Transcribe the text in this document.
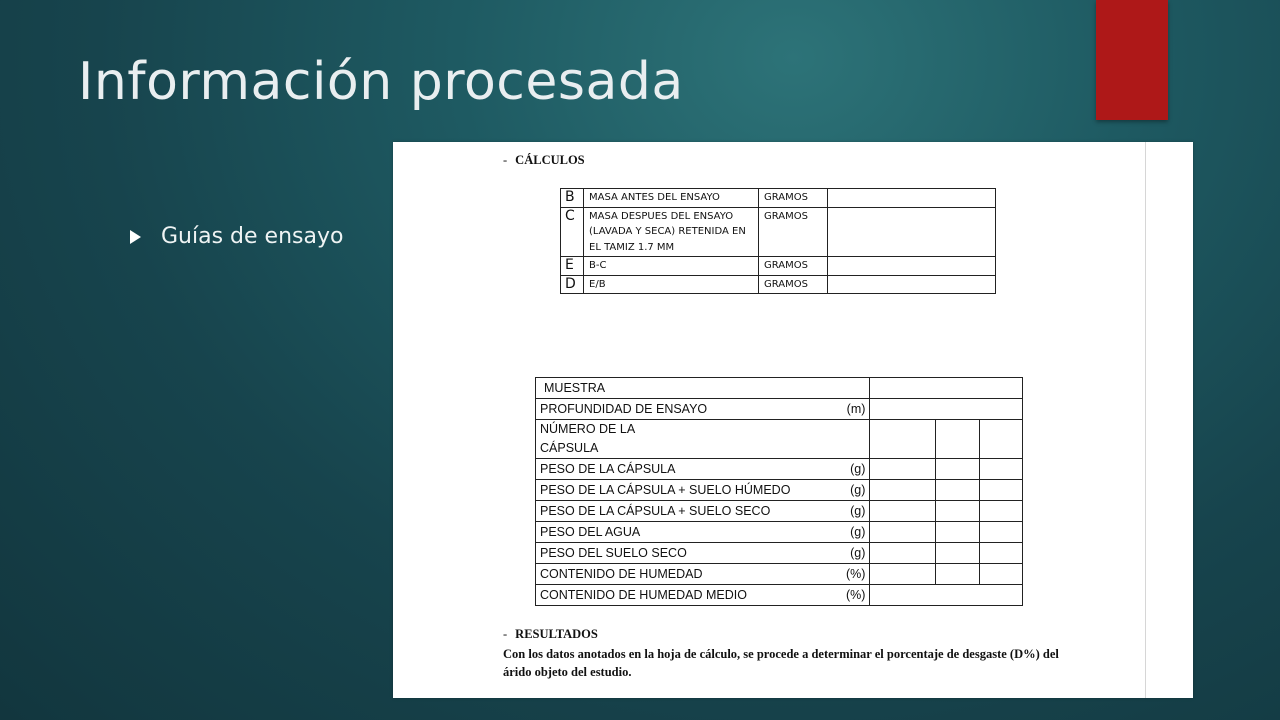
Información procesada
Guías de ensayo
- CÁLCULOS
B	MASA ANTES DEL ENSAYO	GRAMOS	
C	MASA DESPUES DEL ENSAYO (LAVADA Y SECA) RETENIDA EN EL TAMIZ 1.7 MM	GRAMOS	
E	B-C	GRAMOS	
D	E/B	GRAMOS	
MUESTRA			

PROFUNDIDAD DE ENSAYO (m)			

NÚMERO DE LA
CÁPSULA			

PESO DE LA CÁPSULA (g)			

PESO DE LA CÁPSULA + SUELO HÚMEDO (g)			

PESO DE LA CÁPSULA + SUELO SECO (g)			

PESO DEL AGUA (g)			

PESO DEL SUELO SECO (g)			

CONTENIDO DE HUMEDAD (%)			

CONTENIDO DE HUMEDAD MEDIO (%)			

- RESULTADOS
Con los datos anotados en la hoja de cálculo, se procede a determinar el porcentaje de desgaste (D%) del árido objeto del estudio.
